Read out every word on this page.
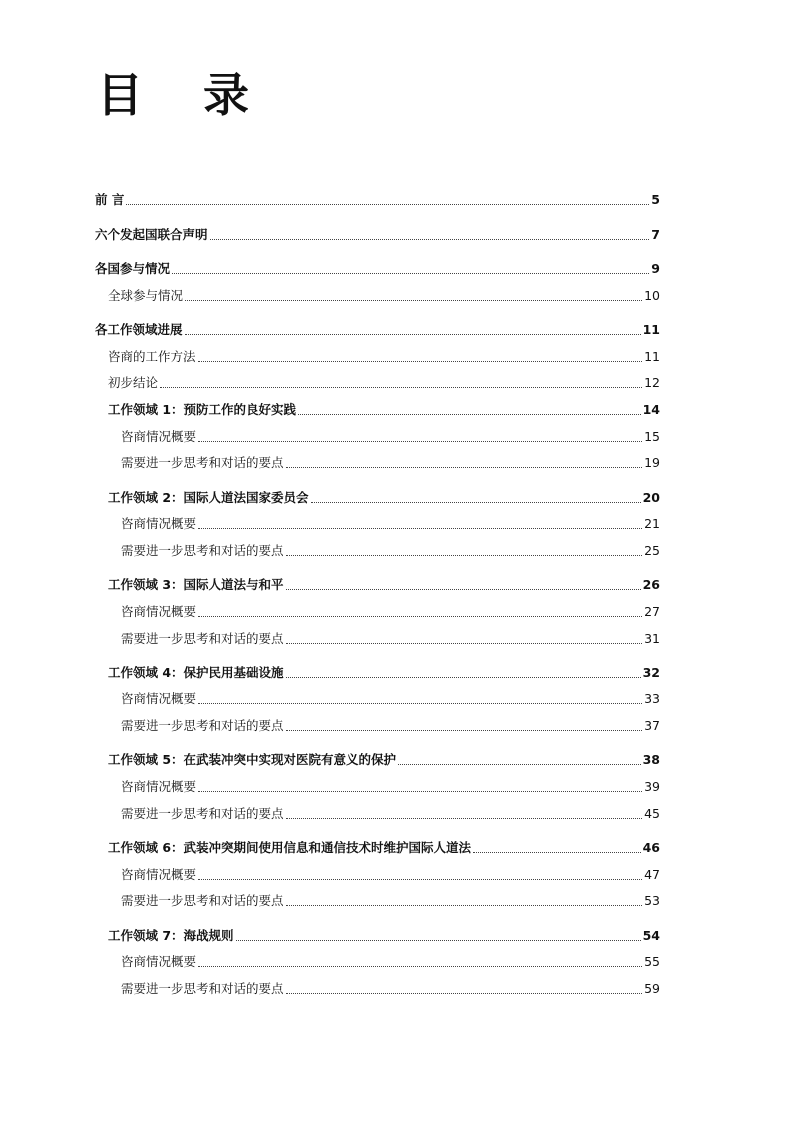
目 录
前 言	5
六个发起国联合声明	7
各国参与情况	9
全球参与情况	10
各工作领域进展	11
咨商的工作方法	11
初步结论	12
工作领域 1：预防工作的良好实践	14
咨商情况概要	15
需要进一步思考和对话的要点	19
工作领域 2：国际人道法国家委员会	20
咨商情况概要	21
需要进一步思考和对话的要点	25
工作领域 3：国际人道法与和平	26
咨商情况概要	27
需要进一步思考和对话的要点	31
工作领域 4：保护民用基础设施	32
咨商情况概要	33
需要进一步思考和对话的要点	37
工作领域 5：在武装冲突中实现对医院有意义的保护	38
咨商情况概要	39
需要进一步思考和对话的要点	45
工作领域 6：武装冲突期间使用信息和通信技术时维护国际人道法	46
咨商情况概要	47
需要进一步思考和对话的要点	53
工作领域 7：海战规则	54
咨商情况概要	55
需要进一步思考和对话的要点	59
